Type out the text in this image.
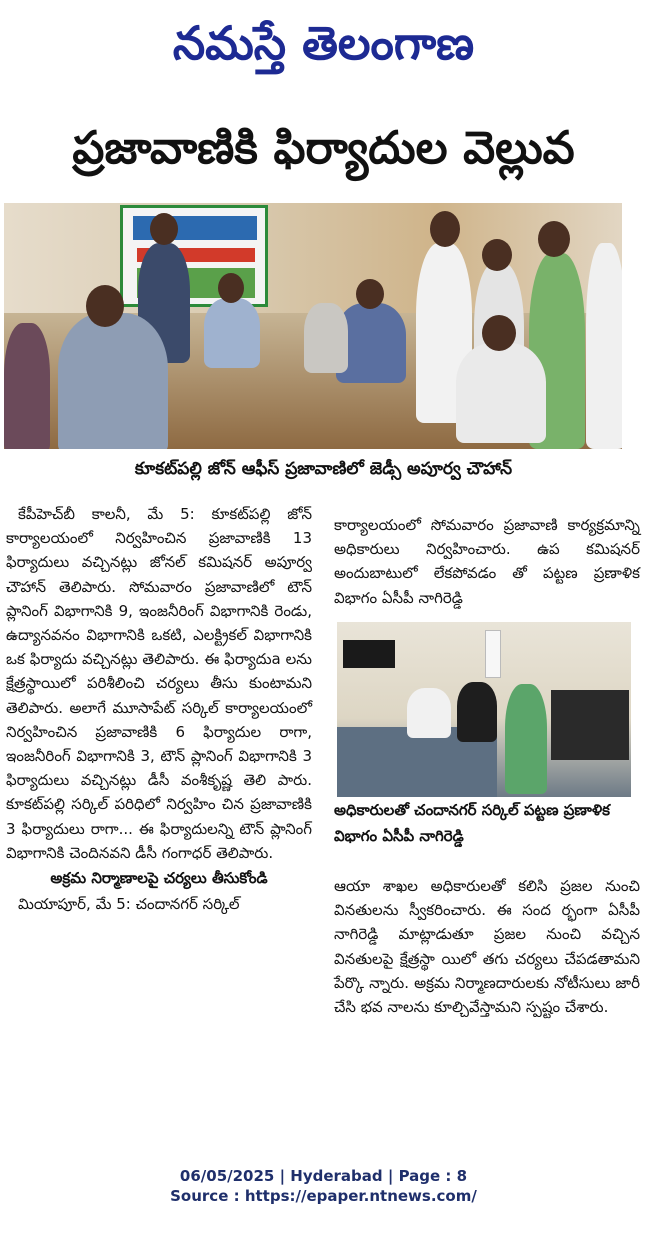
నమస్తే తెలంగాణ
ప్రజావాణికి ఫిర్యాదుల వెల్లువ
కూకట్‌పల్లి జోన్ ఆఫీస్ ప్రజావాణిలో జెడ్సీ అపూర్వ చౌహాన్

కేపీహెచ్‌బీ కాలనీ, మే 5: కూకట్‌పల్లి జోన్ కార్యాలయంలో నిర్వహించిన ప్రజావాణికి 13 ఫిర్యాదులు వచ్చినట్లు జోనల్ కమిషనర్ అపూర్వ చౌహాన్ తెలిపారు. సోమవారం ప్రజావాణిలో టౌన్ ప్లానింగ్ విభాగానికి 9, ఇంజనీరింగ్ విభాగానికి రెండు, ఉద్యానవనం విభాగానికి ఒకటి, ఎలక్ట్రికల్ విభాగానికి ఒక ఫిర్యాదు వచ్చినట్లు తెలిపారు. ఈ ఫిర్యాదుa లను క్షేత్రస్థాయిలో పరిశీలించి చర్యలు తీసు కుంటామని తెలిపారు. అలాగే మూసాపేట్ సర్కిల్ కార్యాలయంలో నిర్వహించిన ప్రజావాణికి 6 ఫిర్యాదుల రాగా, ఇంజనీరింగ్ విభాగానికి 3, టౌన్ ప్లానింగ్ విభాగానికి 3 ఫిర్యాదులు వచ్చినట్లు డీసీ వంశీకృష్ణ తెలి పారు. కూకట్‌పల్లి సర్కిల్ పరిధిలో నిర్వహిం చిన ప్రజావాణికి 3 ఫిర్యాదులు రాగా... ఈ ఫిర్యాదులన్ని టౌన్ ప్లానింగ్ విభాగానికి చెందినవని డీసీ గంగాధర్ తెలిపారు.

అక్రమ నిర్మాణాలపై చర్యలు తీసుకోండి

మియాపూర్, మే 5: చందానగర్ సర్కిల్

కార్యాలయంలో సోమవారం ప్రజావాణి కార్యక్రమాన్ని అధికారులు నిర్వహించారు. ఉప కమిషనర్ అందుబాటులో లేకపోవడం తో పట్టణ ప్రణాళిక విభాగం ఏసీపీ నాగిరెడ్డి
అధికారులతో చందానగర్ సర్కిల్ పట్టణ ప్రణాళిక విభాగం ఏసీపీ నాగిరెడ్డి
ఆయా శాఖల అధికారులతో కలిసి ప్రజల నుంచి వినతులను స్వీకరించారు. ఈ సంద ర్భంగా ఏసీపీ నాగిరెడ్డి మాట్లాడుతూ ప్రజల నుంచి వచ్చిన వినతులపై క్షేత్రస్థా యిలో తగు చర్యలు చేపడతామని పేర్కొ న్నారు. అక్రమ నిర్మాణదారులకు నోటీసులు జారీ చేసి భవ నాలను కూల్చివేస్తామని స్పష్టం చేశారు.
06/05/2025 | Hyderabad | Page : 8
Source : https://epaper.ntnews.com/
